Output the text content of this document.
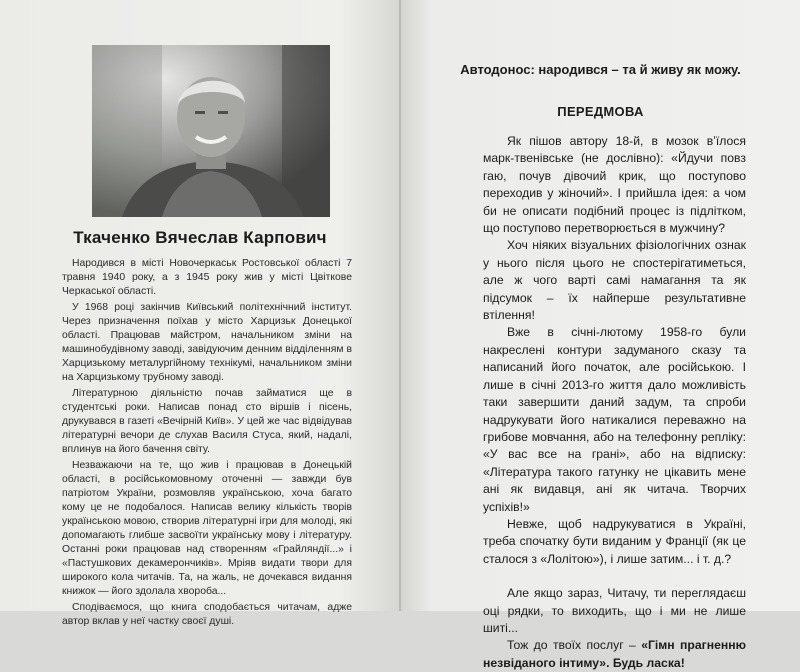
Ткаченко Вячеслав Карпович

Народився в місті Новочеркаськ Ростовської області 7 травня 1940 року, а з 1945 року жив у місті Цвіткове Черкаської області.

У 1968 році закінчив Київський політехнічний інститут. Через призначення поїхав у місто Харцизьк Донецької області. Працював майстром, начальником зміни на машинобудівному заводі, завідуючим денним відділенням в Харцизькому металургійному технікумі, начальником зміни на Харцизькому трубному заводі.

Літературною діяльністю почав займатися ще в студентські роки. Написав понад сто віршів і пісень, друкувався в газеті «Вечірній Київ». У цей же час відвідував літературні вечори де слухав Василя Стуса, який, надалі, вплинув на його бачення світу.

Незважаючи на те, що жив і працював в Донецькій області, в російськомовному оточенні — завжди був патріотом України, розмовляв українською, хоча багато кому це не подобалося. Написав велику кількість творів українською мовою, створив літературні ігри для молоді, які допомагають глибше засвоїти українську мову і літературу. Останні роки працював над створенням «Грайляндії...» і «Пастушкових декамерончиків». Мріяв видати твори для широкого кола читачів. Та, на жаль, не дочекався видання книжок — його здолала хвороба...

Сподіваємося, що книга сподобається читачам, адже автор вклав у неї частку своєї душі.

Автодонос: народився – та й живу як можу.
ПЕРЕДМОВА

Як пішов автору 18-й, в мозок вʼїлося марк-твенівське (не дослівно): «Йдучи повз гаю, почув дівочий крик, що поступово переходив у жіночий». І прийшла ідея: а чом би не описати подібний процес із підлітком, що поступово перетворюється в мужчину?

Хоч ніяких візуальних фізіологічних ознак у нього після цього не спостерігатиметься, але ж чого варті самі намагання та як підсумок – їх найперше результативне втілення!

Вже в січні-лютому 1958-го були накреслені контури задуманого сказу та написаний його початок, але російською. І лише в січні 2013-го життя дало можливість таки завершити даний задум, та спроби надрукувати його натикалися переважно на грибове мовчання, або на телефонну репліку: «У вас все на грані», або на відписку: «Література такого гатунку не цікавить мене ані як видавця, ані як читача. Творчих успіхів!»

Невже, щоб надрукуватися в Україні, треба спочатку бути виданим у Франції (як це сталося з «Лолітою»), і лише затим... і т. д.?

Але якщо зараз, Читачу, ти переглядаєш оці рядки, то виходить, що і ми не лише шиті...

Тож до твоїх послуг – «Гімн прагненню незвіданого інтиму». Будь ласка!
